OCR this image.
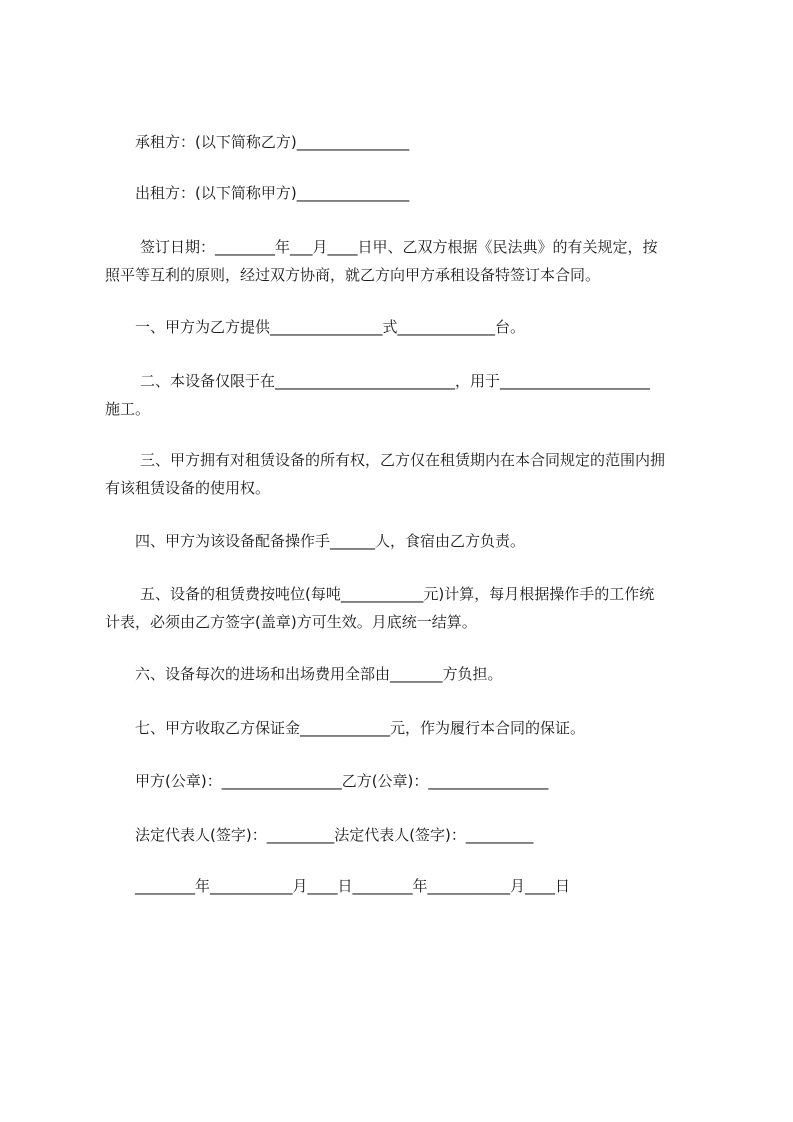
承租方：(以下简称乙方)_______________
出租方：(以下简称甲方)_______________
签订日期：________年___月____日甲、乙双方根据《民法典》的有关规定，按
照平等互利的原则，经过双方协商，就乙方向甲方承租设备特签订本合同。
一、甲方为乙方提供_______________式_____________台。
二、本设备仅限于在________________________，用于____________________
施工。
三、甲方拥有对租赁设备的所有权，乙方仅在租赁期内在本合同规定的范围内拥
有该租赁设备的使用权。
四、甲方为该设备配备操作手______人，食宿由乙方负责。
五、设备的租赁费按吨位(每吨___________元)计算，每月根据操作手的工作统
计表，必须由乙方签字(盖章)方可生效。月底统一结算。
六、设备每次的进场和出场费用全部由_______方负担。
七、甲方收取乙方保证金____________元，作为履行本合同的保证。
甲方(公章)：________________乙方(公章)：________________
法定代表人(签字)：_________法定代表人(签字)：_________
________年___________月____日________年___________月____日
